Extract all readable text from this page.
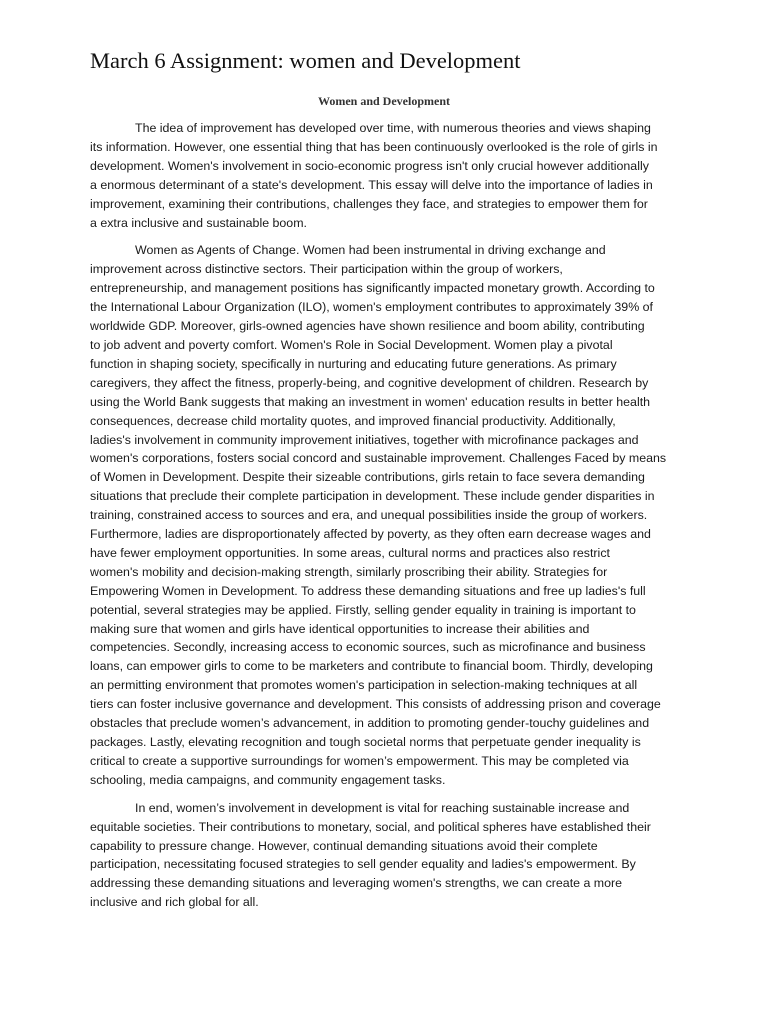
March 6 Assignment: women and Development
Women and Development

The idea of improvement has developed over time, with numerous theories and views shaping
its information. However, one essential thing that has been continuously overlooked is the role of girls in
development. Women's involvement in socio-economic progress isn't only crucial however additionally
a enormous determinant of a state's development. This essay will delve into the importance of ladies in
improvement, examining their contributions, challenges they face, and strategies to empower them for
a extra inclusive and sustainable boom.

Women as Agents of Change. Women had been instrumental in driving exchange and
improvement across distinctive sectors. Their participation within the group of workers,
entrepreneurship, and management positions has significantly impacted monetary growth. According to
the International Labour Organization (ILO), women's employment contributes to approximately 39% of
worldwide GDP. Moreover, girls-owned agencies have shown resilience and boom ability, contributing
to job advent and poverty comfort. Women's Role in Social Development. Women play a pivotal
function in shaping society, specifically in nurturing and educating future generations. As primary
caregivers, they affect the fitness, properly-being, and cognitive development of children. Research by
using the World Bank suggests that making an investment in women' education results in better health
consequences, decrease child mortality quotes, and improved financial productivity. Additionally,
ladies's involvement in community improvement initiatives, together with microfinance packages and
women's corporations, fosters social concord and sustainable improvement. Challenges Faced by means
of Women in Development. Despite their sizeable contributions, girls retain to face severa demanding
situations that preclude their complete participation in development. These include gender disparities in
training, constrained access to sources and era, and unequal possibilities inside the group of workers.
Furthermore, ladies are disproportionately affected by poverty, as they often earn decrease wages and
have fewer employment opportunities. In some areas, cultural norms and practices also restrict
women's mobility and decision-making strength, similarly proscribing their ability. Strategies for
Empowering Women in Development. To address these demanding situations and free up ladies's full
potential, several strategies may be applied. Firstly, selling gender equality in training is important to
making sure that women and girls have identical opportunities to increase their abilities and
competencies. Secondly, increasing access to economic sources, such as microfinance and business
loans, can empower girls to come to be marketers and contribute to financial boom. Thirdly, developing
an permitting environment that promotes women's participation in selection-making techniques at all
tiers can foster inclusive governance and development. This consists of addressing prison and coverage
obstacles that preclude women’s advancement, in addition to promoting gender-touchy guidelines and
packages. Lastly, elevating recognition and tough societal norms that perpetuate gender inequality is
critical to create a supportive surroundings for women’s empowerment. This may be completed via
schooling, media campaigns, and community engagement tasks.

In end, women’s involvement in development is vital for reaching sustainable increase and
equitable societies. Their contributions to monetary, social, and political spheres have established their
capability to pressure change. However, continual demanding situations avoid their complete
participation, necessitating focused strategies to sell gender equality and ladies's empowerment. By
addressing these demanding situations and leveraging women's strengths, we can create a more
inclusive and rich global for all.
